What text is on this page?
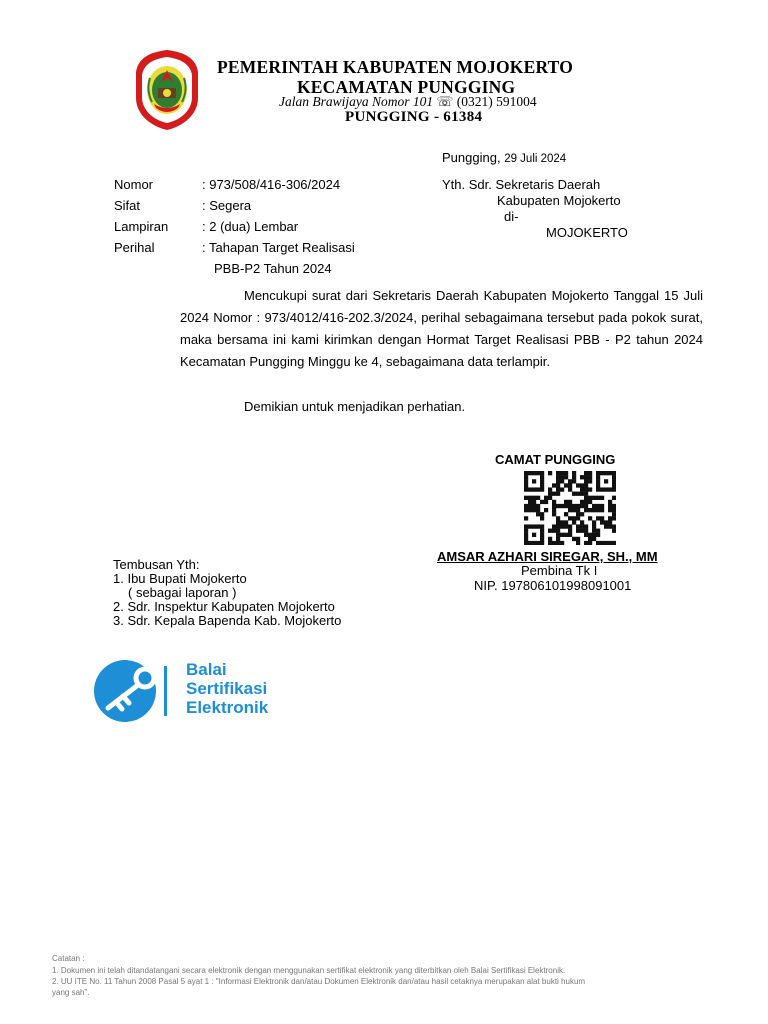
PEMERINTAH KABUPATEN MOJOKERTO
KECAMATAN PUNGGING
Jalan Brawijaya Nomor 101 ☏ (0321) 591004
PUNGGING - 61384
Pungging, 29 Juli 2024
Nomor	: 973/508/416-306/2024
Sifat	: Segera
Lampiran	: 2 (dua) Lembar
Perihal	: Tahapan Target Realisasi
PBB-P2 Tahun 2024
Yth. Sdr. Sekretaris Daerah
Kabupaten Mojokerto
di-
MOJOKERTO
Mencukupi surat dari Sekretaris Daerah Kabupaten Mojokerto Tanggal 15 Juli 2024 Nomor : 973/4012/416-202.3/2024, perihal sebagaimana tersebut pada pokok surat, maka bersama ini kami kirimkan dengan Hormat Target Realisasi PBB - P2 tahun 2024 Kecamatan Pungging Minggu ke 4, sebagaimana data terlampir.
Demikian untuk menjadikan perhatian.
CAMAT PUNGGING
AMSAR AZHARI SIREGAR, SH., MM
Pembina Tk I
NIP. 197806101998091001
Tembusan Yth:
1. Ibu Bupati Mojokerto
( sebagai laporan )
2. Sdr. Inspektur Kabupaten Mojokerto
3. Sdr. Kepala Bapenda Kab. Mojokerto
Balai
Sertifikasi
Elektronik
Catatan :
1. Dokumen ini telah ditandatangani secara elektronik dengan menggunakan sertifikat elektronik yang diterbitkan oleh Balai Sertifikasi Elektronik.
2. UU ITE No. 11 Tahun 2008 Pasal 5 ayat 1 : "Informasi Elektronik dan/atau Dokumen Elektronik dan/atau hasil cetaknya merupakan alat bukti hukum
yang sah".
